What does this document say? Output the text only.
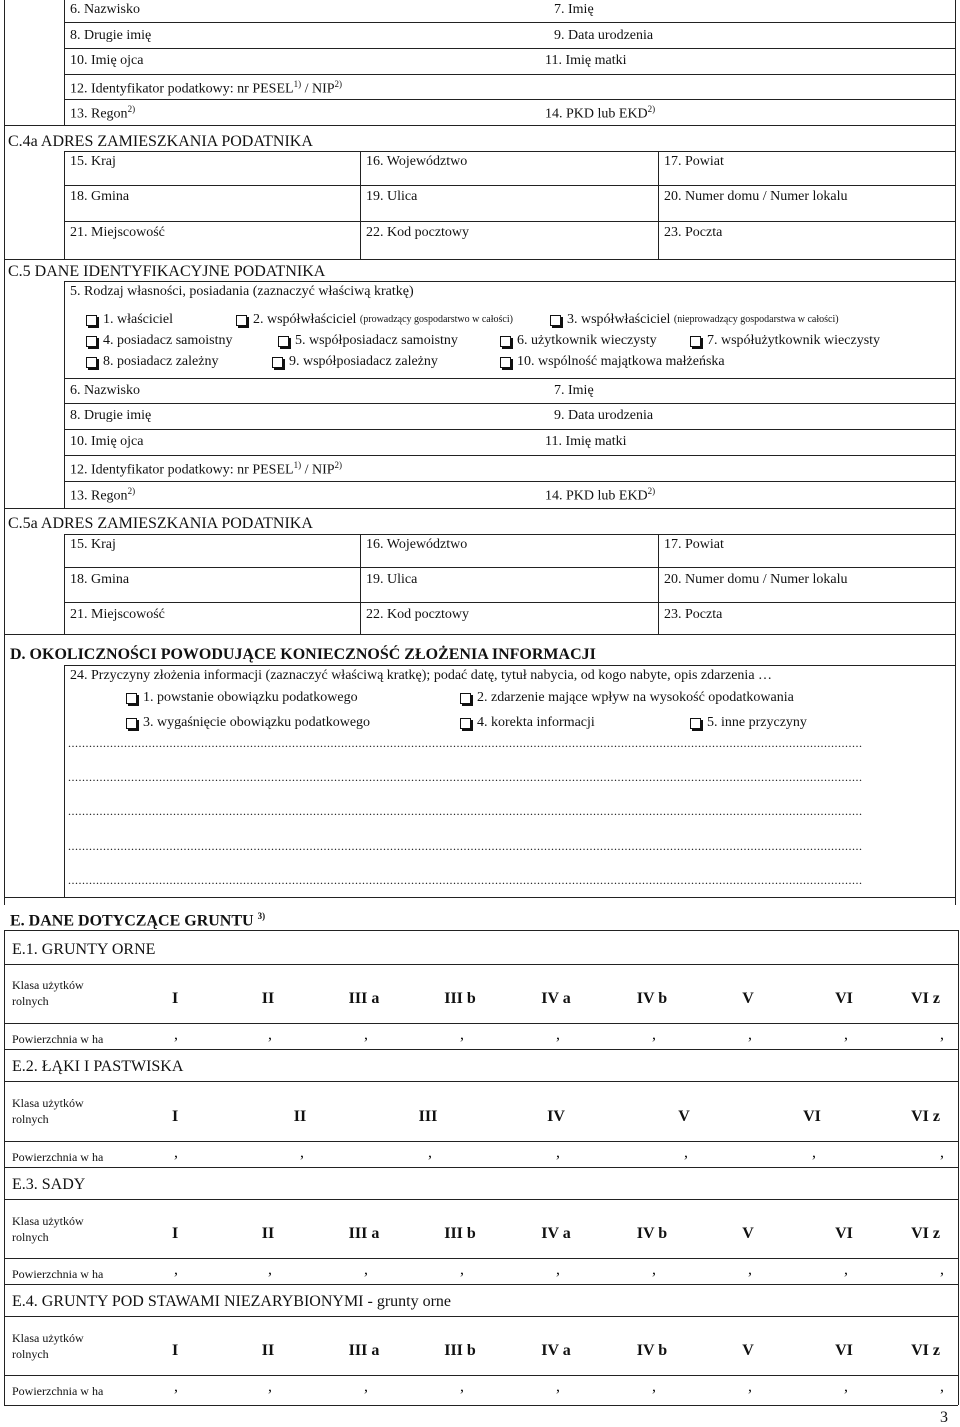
6. Nazwisko	7. Imię
8. Drugie imię	9. Data urodzenia
10. Imię ojca	11. Imię matki
12. Identyfikator podatkowy: nr PESEL$^{1)}$ / NIP$^{2)}$
13. Regon$^{2)}$	14. PKD lub EKD$^{2)}$
C.4a ADRES ZAMIESZKANIA PODATNIKA
15. Kraj	16. Województwo	17. Powiat
18. Gmina	19. Ulica	20. Numer domu / Numer lokalu
21. Miejscowość	22. Kod pocztowy	23. Poczta
C.5 DANE IDENTYFIKACYJNE PODATNIKA
5. Rodzaj własności, posiadania (zaznaczyć właściwą kratkę)
1. właściciel	2. współwłaściciel
(prowadzący gospodarstwo w całości)	3. współwłaściciel
(nieprowadzący gospodarstwa w całości)
4. posiadacz samoistny	5. współposiadacz samoistny	6. użytkownik wieczysty	7. współużytkownik wieczysty
8. posiadacz zależny	9. współposiadacz zależny	10. wspólność majątkowa małżeńska
6. Nazwisko	7. Imię
8. Drugie imię	9. Data urodzenia
10. Imię ojca	11. Imię matki
12. Identyfikator podatkowy: nr PESEL$^{1)}$ / NIP$^{2)}$
13. Regon$^{2)}$	14. PKD lub EKD$^{2)}$
C.5a ADRES ZAMIESZKANIA PODATNIKA
15. Kraj	16. Województwo	17. Powiat
18. Gmina	19. Ulica	20. Numer domu / Numer lokalu
21. Miejscowość	22. Kod pocztowy	23. Poczta
D. OKOLICZNOŚCI POWODUJĄCE KONIECZNOŚĆ ZŁOŻENIA INFORMACJI
24. Przyczyny złożenia informacji (zaznaczyć właściwą kratkę); podać datę, tytuł nabycia, od kogo nabyte, opis zdarzenia …
1. powstanie obowiązku podatkowego	2. zdarzenie mające wpływ na wysokość opodatkowania
3. wygaśnięcie obowiązku podatkowego	4. korekta informacji	5. inne przyczyny
...................................................................................................................................................................................................................................
...................................................................................................................................................................................................................................
...................................................................................................................................................................................................................................
...................................................................................................................................................................................................................................
...................................................................................................................................................................................................................................
E. DANE DOTYCZĄCE GRUNTU $^{3)}$
E.1. GRUNTY ORNE
Klasa użytków
rolnych	I	II	III a	III b	IV a	IV b	V	VI	VI z
Powierzchnia w ha	,	,	,	,	,	,	,	,	,
E.2. ŁĄKI I PASTWISKA
Klasa użytków
rolnych	I	II	III	IV	V	VI	VI z
Powierzchnia w ha	,	,	,	,	,	,	,
E.3. SADY
Klasa użytków
rolnych	I	II	III a	III b	IV a	IV b	V	VI	VI z
Powierzchnia w ha	,	,	,	,	,	,	,	,	,
E.4. GRUNTY POD STAWAMI NIEZARYBIONYMI - grunty orne
Klasa użytków
rolnych	I	II	III a	III b	IV a	IV b	V	VI	VI z
Powierzchnia w ha	,	,	,	,	,	,	,	,	,
3
